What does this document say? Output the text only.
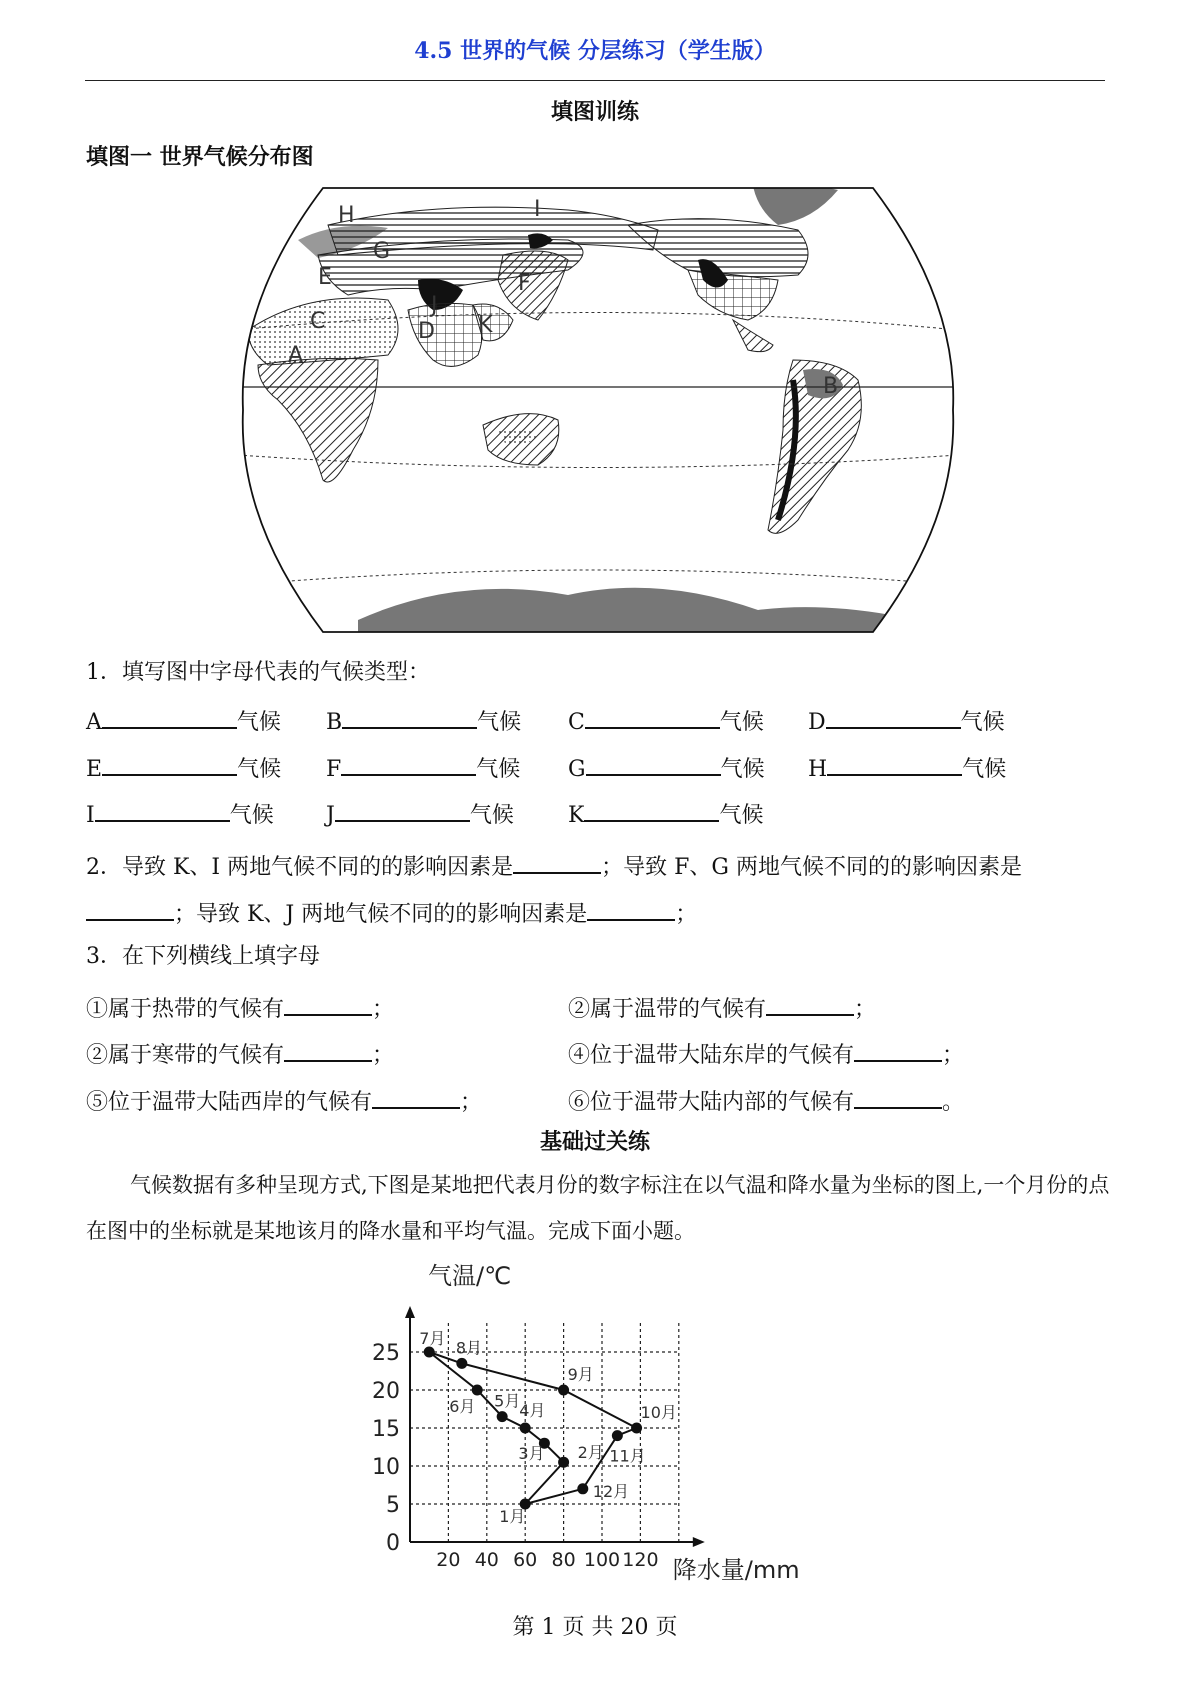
4.5 世界的气候 分层练习（学生版）
填图训练
填图一 世界气候分布图
A
B
C	D
E	F
G
H	I
J
K
1．填写图中字母代表的气候类型：
A	气候 B	气候 C	气候 D	气候
E	气候 F	气候 G	气候 H	气候
I	气候 J	气候 K	气候
2．导致 K、I 两地气候不同的的影响因素是	；导致 F、G 两地气候不同的的影响因素是
；导致 K、J 两地气候不同的的影响因素是	；
3．在下列横线上填字母
①属于热带的气候有	；	②属于温带的气候有	；
②属于寒带的气候有	；	④位于温带大陆东岸的气候有	；
⑤位于温带大陆西岸的气候有	；	⑥位于温带大陆内部的气候有	。
基础过关练
气候数据有多种呈现方式,下图是某地把代表月份的数字标注在以气温和降水量为坐标的图上,一个月份的点在图中的坐标就是某地该月的降水量和平均气温。完成下面小题。
气温/℃
降水量/mm
0
5
10
15
20
25
20 40 60 80 100 120
1月
2月
3月
4月
5月
6月
7月 8月
9月
10月
11月
12月
第 1 页 共 20 页
